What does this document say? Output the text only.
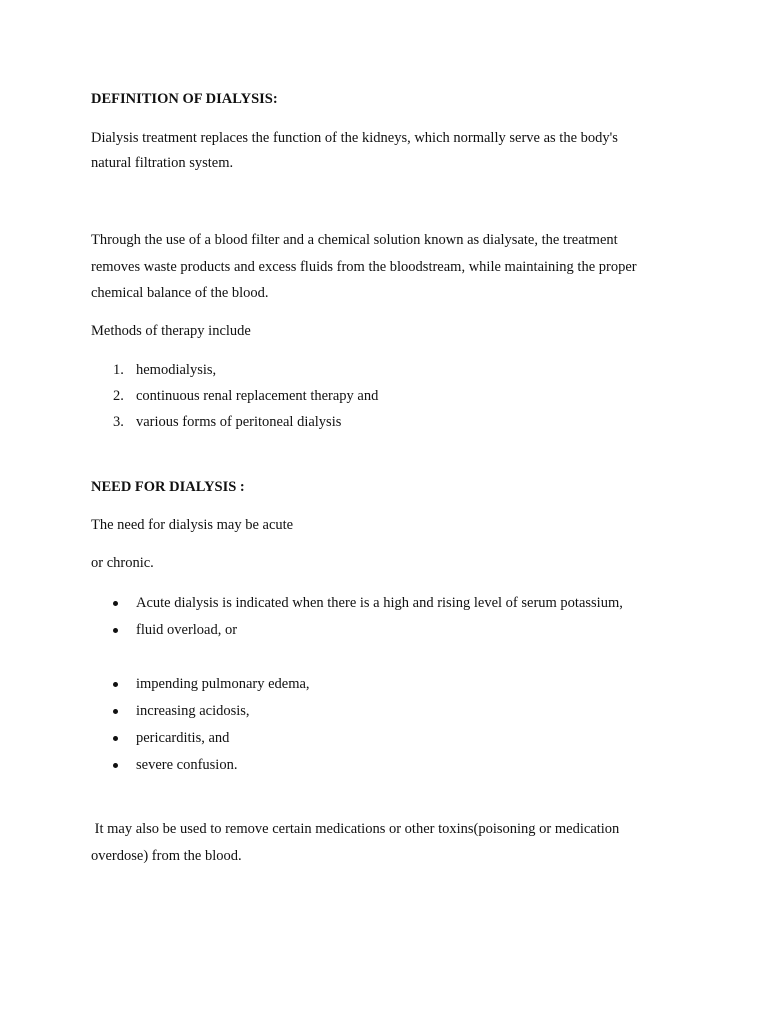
DEFINITION OF DIALYSIS:
Dialysis treatment replaces the function of the kidneys, which normally serve as the body's
natural filtration system.
Through the use of a blood filter and a chemical solution known as dialysate, the treatment
removes waste products and excess fluids from the bloodstream, while maintaining the proper
chemical balance of the blood.
Methods of therapy include
1. hemodialysis,
2. continuous renal replacement therapy and
3. various forms of peritoneal dialysis
NEED FOR DIALYSIS :
The need for dialysis may be acute
or chronic.
Acute dialysis is indicated when there is a high and rising level of serum potassium,
fluid overload, or
impending pulmonary edema,
increasing acidosis,
pericarditis, and
severe confusion.
It may also be used to remove certain medications or other toxins(poisoning or medication
overdose) from the blood.
